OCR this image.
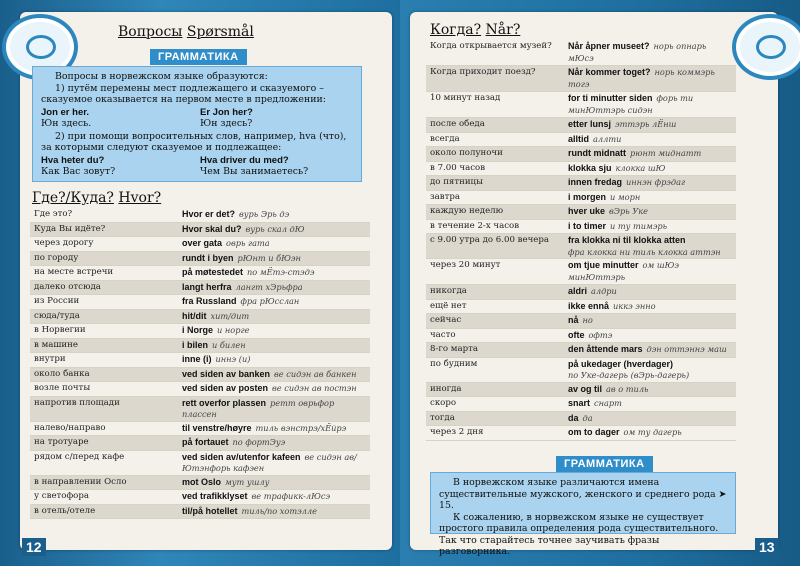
Вопросы Spørsmål
ГРАММАТИКА

Вопросы в норвежском языке образуются:

1) путём перемены мест подлежащего и сказуемого – сказуемое оказывается на первом месте в предложении:

Jon er her.	Er Jon her?
Юн здесь.	Юн здесь?

2) при помощи вопросительных слов, например, hva (что), за которыми следуют сказуемое и подлежащее:

Hva heter du?	Hva driver du med?
Как Вас зовут?	Чем Вы занимаетесь?
Где?/Куда? Hvor?
Где это?	Hvor er det? вурь Эрь дэ
Куда Вы идёте?	Hvor skal du? вурь скал дЮ
через дорогу	over gata оврь гатa
по городу	rundt i byen рЮнт и бЮэн
на месте встречи	på møtestedet по мЁтэ-стэдэ
далеко отсюда	langt herfra лангт хЭрьфра
из России	fra Russland фра рЮсслан
сюда/туда	hit/dit хит/дит
в Норвегии	i Norge и норге
в машине	i bilen и билен
внутри	inne (i) иннэ (и)
около банка	ved siden av banken ве сидэн ав банкен
возле почты	ved siden av posten ве сидэн ав постэн
напротив площади	rett overfor plassen ретт оврьфор
плассен
налево/направо	til venstre/høyre тиль вэнстрэ/хЁйрэ
на тротуаре	på fortauet по фортЭуэ
рядом с/перед кафе	ved siden av/utenfor kafeen ве сидэн ав/
Ютэнфорь кафэен
в направлении Осло	mot Oslo мут ушлу
у светофора	ved trafikklyset ве трафикк-лЮсэ
в отель/отеле	til/på hotellet тиль/по хотэлле
12
Когда? Når?
Когда открывается музей?	Når åpner museet? норь опнарь мЮсэ
Когда приходит поезд?	Når kommer toget? норь коммэрь тогэ
10 минут назад	for ti minutter siden форь ти минЮттэрь сидэн
после обеда	etter lunsj эттэрь лЁнш
всегда	alltid аллти
около полуночи	rundt midnatt рюнт миднатт
в 7.00 часов	klokka sju клокка шЮ
до пятницы	innen fredag иннэн фрэдаг
завтра	i morgen и морн
каждую неделю	hver uke вЭрь Уке
в течение 2-х часов	i to timer и ту тимэрь
с 9.00 утра до 6.00 вечера	fra klokka ni til klokka atten
фра клокка ни тиль клокка аттэн
через 20 минут	om tjue minutter ом шЮэ минЮттэрь
никогда	aldri алдри
ещё нет	ikke ennå иккэ эннo
сейчас	nå но
часто	ofte офтэ
8-го марта	den åttende mars дэн оттэннэ маш
по будним	på ukedager (hverdager)
по Уке-дагерь (вЭрь-дагерь)
иногда	av og til ав о тиль
скоро	snart снарт
тогда	da да
через 2 дня	om to dager ом ту дагерь
ГРАММАТИКА

В норвежском языке различаются имена существительные мужского, женского и среднего рода ➤ 15.

К сожалению, в норвежском языке не существует простого правила определения рода существительного. Так что старайтесь точнее заучивать фразы разговорника.	13
